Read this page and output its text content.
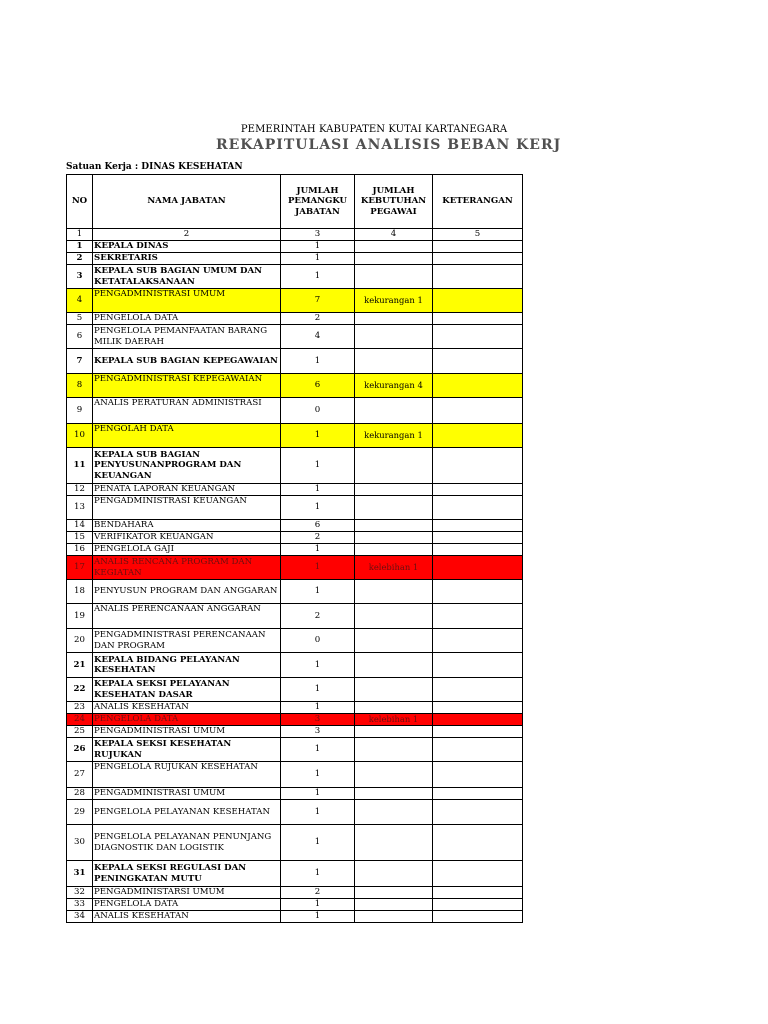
PEMERINTAH KABUPATEN KUTAI KARTANEGARA
REKAPITULASI ANALISIS BEBAN KERJ
Satuan Kerja : DINAS KESEHATAN
NO	NAMA JABATAN	JUMLAH PEMANGKU JABATAN	JUMLAH KEBUTUHAN PEGAWAI	KETERANGAN
1	2	3	4	5
1	KEPALA DINAS	1		
2	SEKRETARIS	1		
3	KEPALA SUB BAGIAN UMUM DAN KETATALAKSANAAN	1		
4	PENGADMINISTRASI UMUM	7	kekurangan 1	
5	PENGELOLA DATA	2		
6	PENGELOLA PEMANFAATAN BARANG MILIK DAERAH	4		
7	KEPALA SUB BAGIAN KEPEGAWAIAN	1		
8	PENGADMINISTRASI KEPEGAWAIAN	6	kekurangan 4	
9	ANALIS PERATURAN ADMINISTRASI	0		
10	PENGOLAH DATA	1	kekurangan 1	
11	KEPALA SUB BAGIAN PENYUSUNANPROGRAM DAN KEUANGAN	1		
12	PENATA LAPORAN KEUANGAN	1		
13	PENGADMINISTRASI KEUANGAN	1		
14	BENDAHARA	6		
15	VERIFIKATOR KEUANGAN	2		
16	PENGELOLA GAJI	1		
17	ANALIS RENCANA PROGRAM DAN KEGIATAN	1	kelebihan 1	
18	PENYUSUN PROGRAM DAN ANGGARAN	1		
19	ANALIS PERENCANAAN ANGGARAN	2		
20	PENGADMINISTRASI PERENCANAAN DAN PROGRAM	0		
21	KEPALA BIDANG PELAYANAN KESEHATAN	1		
22	KEPALA SEKSI PELAYANAN KESEHATAN DASAR	1		
23	ANALIS KESEHATAN	1		
24	PENGELOLA DATA	3	kelebihan 1	
25	PENGADMINISTRASI UMUM	3		
26	KEPALA SEKSI KESEHATAN RUJUKAN	1		
27	PENGELOLA RUJUKAN KESEHATAN	1		
28	PENGADMINISTRASI UMUM	1		
29	PENGELOLA PELAYANAN KESEHATAN	1		
30	PENGELOLA PELAYANAN PENUNJANG DIAGNOSTIK DAN LOGISTIK	1		
31	KEPALA SEKSI REGULASI DAN PENINGKATAN MUTU	1		
32	PENGADMINISTARSI UMUM	2		
33	PENGELOLA DATA	1		
34	ANALIS KESEHATAN	1		
